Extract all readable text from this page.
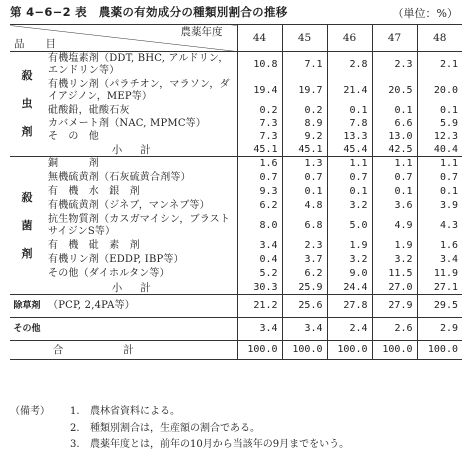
第 4−6−2 表　農薬の有効成分の種類別割合の推移	（単位：%）
農薬年度
品　　目		44	45	46	47	48

殺
虫
剤	有機塩素剤（DDT, BHC, アルドリン，エンドリン等）	10.8	7.1	2.8	2.3	2.1
	有機リン剤（パラチオン，マラソン，ダイアジノン，MEP等）	19.4	19.7	21.4	20.5	20.0
	砒酸鉛，砒酸石灰	0.2	0.2	0.1	0.1	0.1
	カバメート剤（NAC, MPMC等）	7.3	8.9	7.8	6.6	5.9
	そ　の　他	7.3	9.2	13.3	13.0	12.3
	小計	45.1	45.1	45.4	42.5	40.4

殺
菌
剤	銅　　　剤	1.6	1.3	1.1	1.1	1.1
	無機硫黄剤（石灰硫黄合剤等）	0.7	0.7	0.7	0.7	0.7
	有　機　水　銀　剤	9.3	0.1	0.1	0.1	0.1
	有機硫黄剤（ジネブ，マンネブ等）	6.2	4.8	3.2	3.6	3.9
	抗生物質剤（カスガマイシン，ブラストサイジンS等）	8.0	6.8	5.0	4.9	4.3
	有　機　砒　素　剤	3.4	2.3	1.9	1.9	1.6
	有機リン剤（EDDP, IBP等）	0.4	3.7	3.2	3.2	3.4
	その他（ダイホルタン等）	5.2	6.2	9.0	11.5	11.9
	小計	30.3	25.9	24.4	27.0	27.1
除草剤	（PCP, 2,4PA等）	21.2	25.6	27.8	27.9	29.5
その他		3.4	3.4	2.4	2.6	2.9
合計		100.0	100.0	100.0	100.0	100.0
（備考）	1.	農林省資料による。
2.	種類別割合は，生産額の割合である。
3.	農薬年度とは，前年の10月から当該年の9月までをいう。
